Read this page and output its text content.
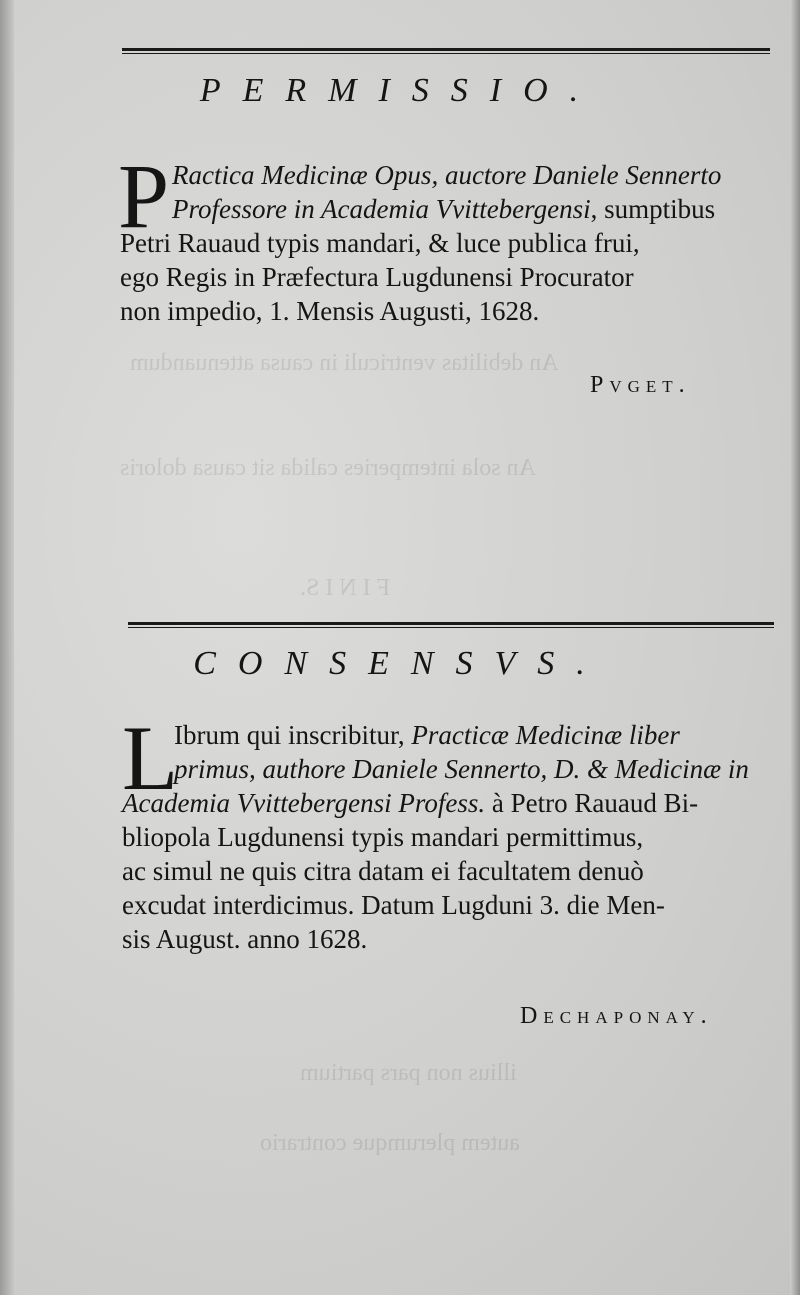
An debilitas ventriculi in causa attenuandum
An sola intemperies calida sit causa doloris
F I N I S.
PERMISSIO.
P Ractica Medicinæ Opus, auctore Daniele Sennerto
Professore in Academia Vvittebergensi, sumptibus
Petri Rauaud typis mandari, & luce publica frui,
ego Regis in Præfectura Lugdunensi Procurator
non impedio, 1. Mensis Augusti, 1628.
Pvget.
CONSENSVS.
L
Ibrum qui inscribitur, Practicæ Medicinæ liber
primus, authore Daniele Sennerto, D. & Medicinæ in
Academia Vvittebergensi Profess. à Petro Rauaud Bi-
bliopola Lugdunensi typis mandari permittimus,
ac simul ne quis citra datam ei facultatem denuò
excudat interdicimus. Datum Lugduni 3. die Men-
sis August. anno 1628.
Dechaponay.
illius non pars partium
autem plerumque contrario
